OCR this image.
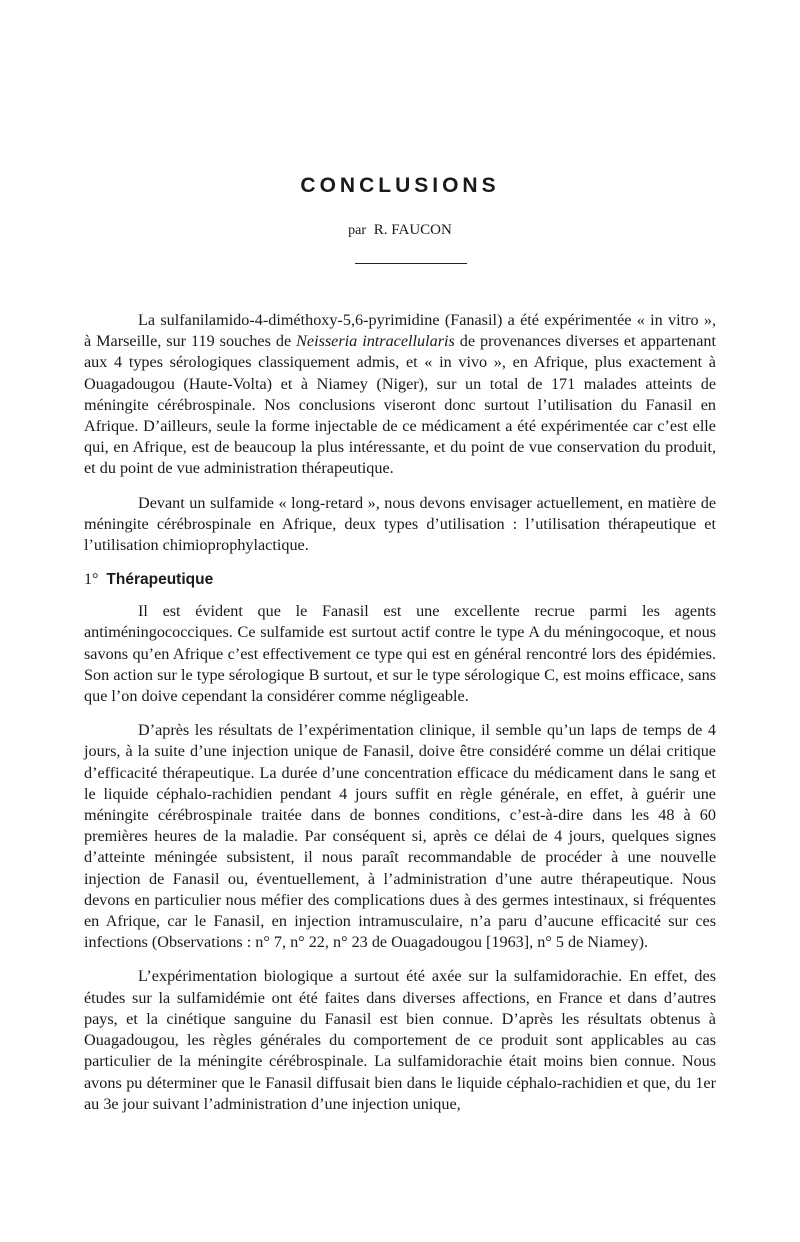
CONCLUSIONS

par R. FAUCON

La sulfanilamido-4-diméthoxy-5,6-pyrimidine (Fanasil) a été expérimentée « in vitro », à Marseille, sur 119 souches de Neisseria intracellularis de provenances diverses et appartenant aux 4 types sérologiques classiquement admis, et « in vivo », en Afrique, plus exactement à Ouagadougou (Haute-Volta) et à Niamey (Niger), sur un total de 171 malades atteints de méningite cérébrospinale. Nos conclusions viseront donc surtout l’utilisation du Fanasil en Afrique. D’ailleurs, seule la forme injectable de ce médicament a été expérimentée car c’est elle qui, en Afrique, est de beaucoup la plus intéressante, et du point de vue conservation du produit, et du point de vue administration thérapeutique.

Devant un sulfamide « long-retard », nous devons envisager actuellement, en matière de méningite cérébrospinale en Afrique, deux types d’utilisation : l’utilisation thérapeutique et l’utilisation chimioprophylactique.

1° Thérapeutique

Il est évident que le Fanasil est une excellente recrue parmi les agents antiméningococciques. Ce sulfamide est surtout actif contre le type A du méningocoque, et nous savons qu’en Afrique c’est effectivement ce type qui est en général rencontré lors des épidémies. Son action sur le type sérologique B surtout, et sur le type sérologique C, est moins efficace, sans que l’on doive cependant la considérer comme négligeable.

D’après les résultats de l’expérimentation clinique, il semble qu’un laps de temps de 4 jours, à la suite d’une injection unique de Fanasil, doive être considéré comme un délai critique d’efficacité thérapeutique. La durée d’une concentration efficace du médicament dans le sang et le liquide céphalo-rachidien pendant 4 jours suffit en règle générale, en effet, à guérir une méningite cérébrospinale traitée dans de bonnes conditions, c’est-à-dire dans les 48 à 60 premières heures de la maladie. Par conséquent si, après ce délai de 4 jours, quelques signes d’atteinte méningée subsistent, il nous paraît recommandable de procéder à une nouvelle injection de Fanasil ou, éventuellement, à l’administration d’une autre thérapeutique. Nous devons en particulier nous méfier des complications dues à des germes intestinaux, si fréquentes en Afrique, car le Fanasil, en injection intramusculaire, n’a paru d’aucune efficacité sur ces infections (Observations : n° 7, n° 22, n° 23 de Ouagadougou [1963], n° 5 de Niamey).

L’expérimentation biologique a surtout été axée sur la sulfamidorachie. En effet, des études sur la sulfamidémie ont été faites dans diverses affections, en France et dans d’autres pays, et la cinétique sanguine du Fanasil est bien connue. D’après les résultats obtenus à Ouagadougou, les règles générales du comportement de ce produit sont applicables au cas particulier de la méningite cérébrospinale. La sulfamidorachie était moins bien connue. Nous avons pu déterminer que le Fanasil diffusait bien dans le liquide céphalo-rachidien et que, du 1er au 3e jour suivant l’administration d’une injection unique,
